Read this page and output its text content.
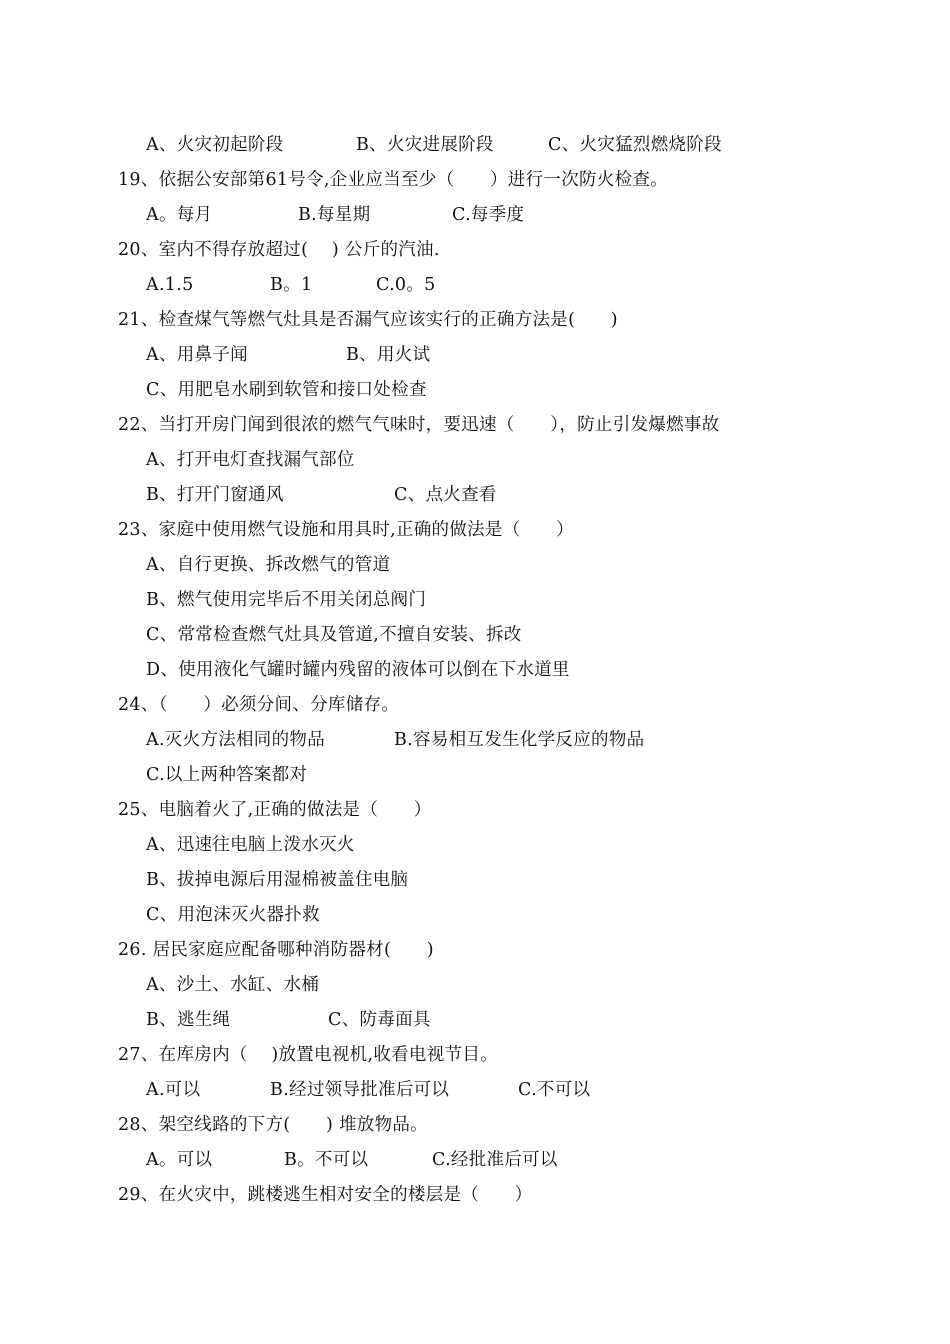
A、火灾初起阶段	B、火灾进展阶段	C、火灾猛烈燃烧阶段
19、依据公安部第61号令,企业应当至少（　　）进行一次防火检查。
A。每月	B.每星期	C.每季度
20、室内不得存放超过(　 ) 公斤的汽油.
A.1.5	B。1	C.0。5
21、检查煤气等燃气灶具是否漏气应该实行的正确方法是(　　)
A、用鼻子闻	B、用火试
C、用肥皂水刷到软管和接口处检查
22、当打开房门闻到很浓的燃气气味时，要迅速（　　），防止引发爆燃事故
A、打开电灯查找漏气部位
B、打开门窗通风	C、点火查看
23、家庭中使用燃气设施和用具时,正确的做法是（　　）
A、自行更换、拆改燃气的管道
B、燃气使用完毕后不用关闭总阀门
C、常常检查燃气灶具及管道,不擅自安装、拆改
D、使用液化气罐时罐内残留的液体可以倒在下水道里
24、（　　）必须分间、分库储存。
A.灭火方法相同的物品	B.容易相互发生化学反应的物品
C.以上两种答案都对
25、电脑着火了,正确的做法是（　　）
A、迅速往电脑上泼水灭火
B、拔掉电源后用湿棉被盖住电脑
C、用泡沫灭火器扑救
26. 居民家庭应配备哪种消防器材(　　)
A、沙土、水缸、水桶
B、逃生绳	C、防毒面具
27、在库房内（　 )放置电视机,收看电视节目。
A.可以	B.经过领导批准后可以	C.不可以
28、架空线路的下方(　　) 堆放物品。
A。可以	B。不可以	C.经批准后可以
29、在火灾中，跳楼逃生相对安全的楼层是（　　）
